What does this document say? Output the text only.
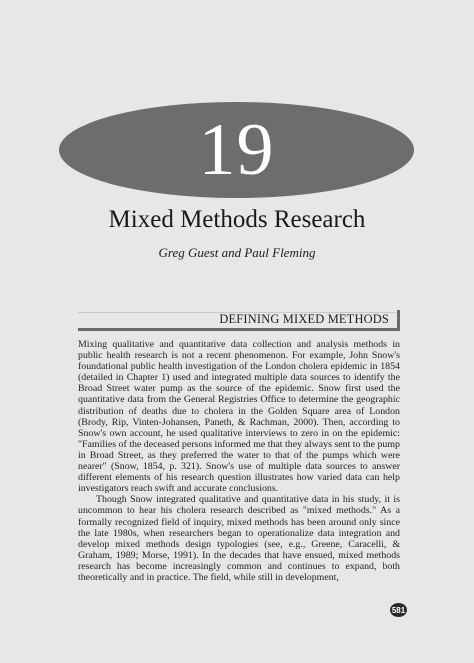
19
Mixed Methods Research
Greg Guest and Paul Fleming
DEFINING MIXED METHODS

Mixing qualitative and quantitative data collection and analysis methods in public health research is not a recent phenomenon. For example, John Snow's foundational public health investigation of the London cholera epidemic in 1854 (detailed in Chapter 1) used and integrated multiple data sources to identify the Broad Street water pump as the source of the epidemic. Snow first used the quantitative data from the General Registries Office to determine the geographic distribution of deaths due to cholera in the Golden Square area of London (Brody, Rip, Vinten-Johansen, Paneth, & Rachman, 2000). Then, according to Snow's own account, he used qualitative interviews to zero in on the epidemic: "Families of the deceased persons informed me that they always sent to the pump in Broad Street, as they preferred the water to that of the pumps which were nearer" (Snow, 1854, p. 321). Snow's use of multiple data sources to answer different elements of his research question illustrates how varied data can help investigators reach swift and accurate conclusions.

Though Snow integrated qualitative and quantitative data in his study, it is uncommon to hear his cholera research described as "mixed methods." As a formally recognized field of inquiry, mixed methods has been around only since the late 1980s, when researchers began to operationalize data integration and develop mixed methods design typologies (see, e.g., Greene, Caracelli, & Graham, 1989; Morse, 1991). In the decades that have ensued, mixed methods research has become increasingly common and continues to expand, both theoretically and in practice. The field, while still in development,

581
